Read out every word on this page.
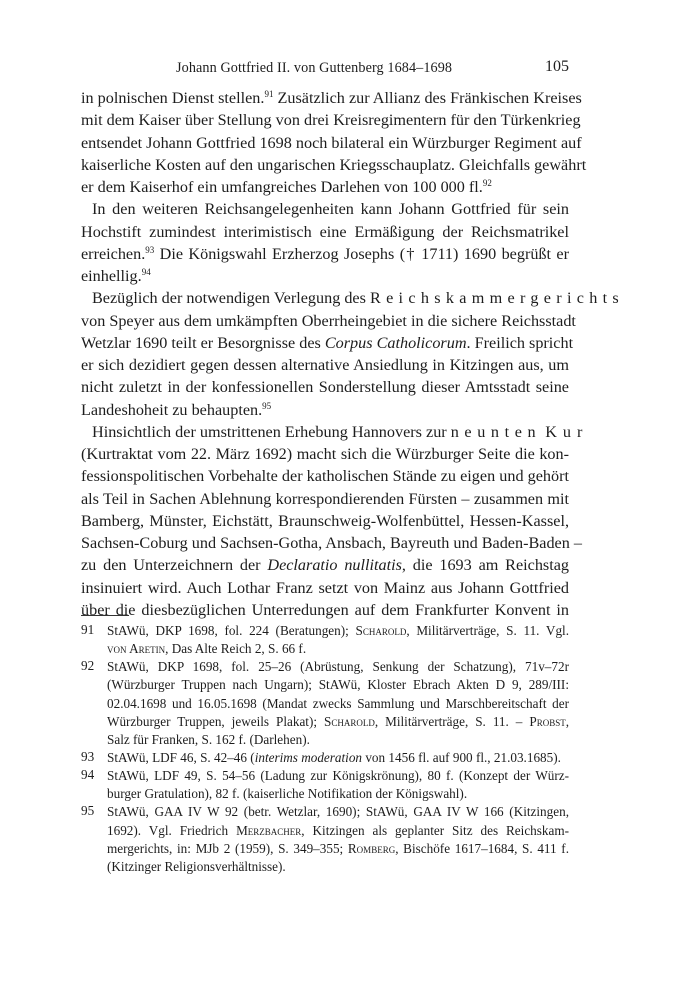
Johann Gottfried II. von Guttenberg 1684–1698	105
in polnischen Dienst stellen.$^{91}$ Zusätzlich zur Allianz des Fränkischen Kreises
mit dem Kaiser über Stellung von drei Kreisregimentern für den Türkenkrieg
entsendet Johann Gottfried 1698 noch bilateral ein Würzburger Regiment auf
kaiserliche Kosten auf den ungarischen Kriegsschauplatz. Gleichfalls gewährt
er dem Kaiserhof ein umfangreiches Darlehen von 100 000 fl.$^{92}$
In den weiteren Reichsangelegenheiten kann Johann Gottfried für sein
Hochstift zumindest interimistisch eine Ermäßigung der Reichsmatrikel
erreichen.$^{93}$ Die Königswahl Erzherzog Josephs († 1711) 1690 begrüßt er
einhellig.$^{94}$
Bezüglich der notwendigen Verlegung des Reichskammergerichts
von Speyer aus dem umkämpften Oberrheingebiet in die sichere Reichsstadt
Wetzlar 1690 teilt er Besorgnisse des Corpus Catholicorum. Freilich spricht
er sich dezidiert gegen dessen alternative Ansiedlung in Kitzingen aus, um
nicht zuletzt in der konfessionellen Sonderstellung dieser Amtsstadt seine
Landeshoheit zu behaupten.$^{95}$
Hinsichtlich der umstrittenen Erhebung Hannovers zur neunten Kur
(Kurtraktat vom 22. März 1692) macht sich die Würzburger Seite die kon-
fessionspolitischen Vorbehalte der katholischen Stände zu eigen und gehört
als Teil in Sachen Ablehnung korrespondierenden Fürsten – zusammen mit
Bamberg, Münster, Eichstätt, Braunschweig-Wolfenbüttel, Hessen-Kassel,
Sachsen-Coburg und Sachsen-Gotha, Ansbach, Bayreuth und Baden-Baden –
zu den Unterzeichnern der Declaratio nullitatis, die 1693 am Reichstag
insinuiert wird. Auch Lothar Franz setzt von Mainz aus Johann Gottfried
über die diesbezüglichen Unterredungen auf dem Frankfurter Konvent in
91 StAWü, DKP 1698, fol. 224 (Beratungen); Scharold, Militärverträge, S. 11. Vgl.
von Aretin, Das Alte Reich 2, S. 66 f.
92 StAWü, DKP 1698, fol. 25–26 (Abrüstung, Senkung der Schatzung), 71v–72r
(Würzburger Truppen nach Ungarn); StAWü, Kloster Ebrach Akten D 9, 289/III:
02.04.1698 und 16.05.1698 (Mandat zwecks Sammlung und Marschbereitschaft der
Würzburger Truppen, jeweils Plakat); Scharold, Militärverträge, S. 11. – Probst,
Salz für Franken, S. 162 f. (Darlehen).
93 StAWü, LDF 46, S. 42–46 (interims moderation von 1456 fl. auf 900 fl., 21.03.1685).
94 StAWü, LDF 49, S. 54–56 (Ladung zur Königskrönung), 80 f. (Konzept der Würz-
burger Gratulation), 82 f. (kaiserliche Notifikation der Königswahl).
95 StAWü, GAA IV W 92 (betr. Wetzlar, 1690); StAWü, GAA IV W 166 (Kitzingen,
1692). Vgl. Friedrich Merzbacher, Kitzingen als geplanter Sitz des Reichskam-
mergerichts, in: MJb 2 (1959), S. 349–355; Romberg, Bischöfe 1617–1684, S. 411 f.
(Kitzinger Religionsverhältnisse).
